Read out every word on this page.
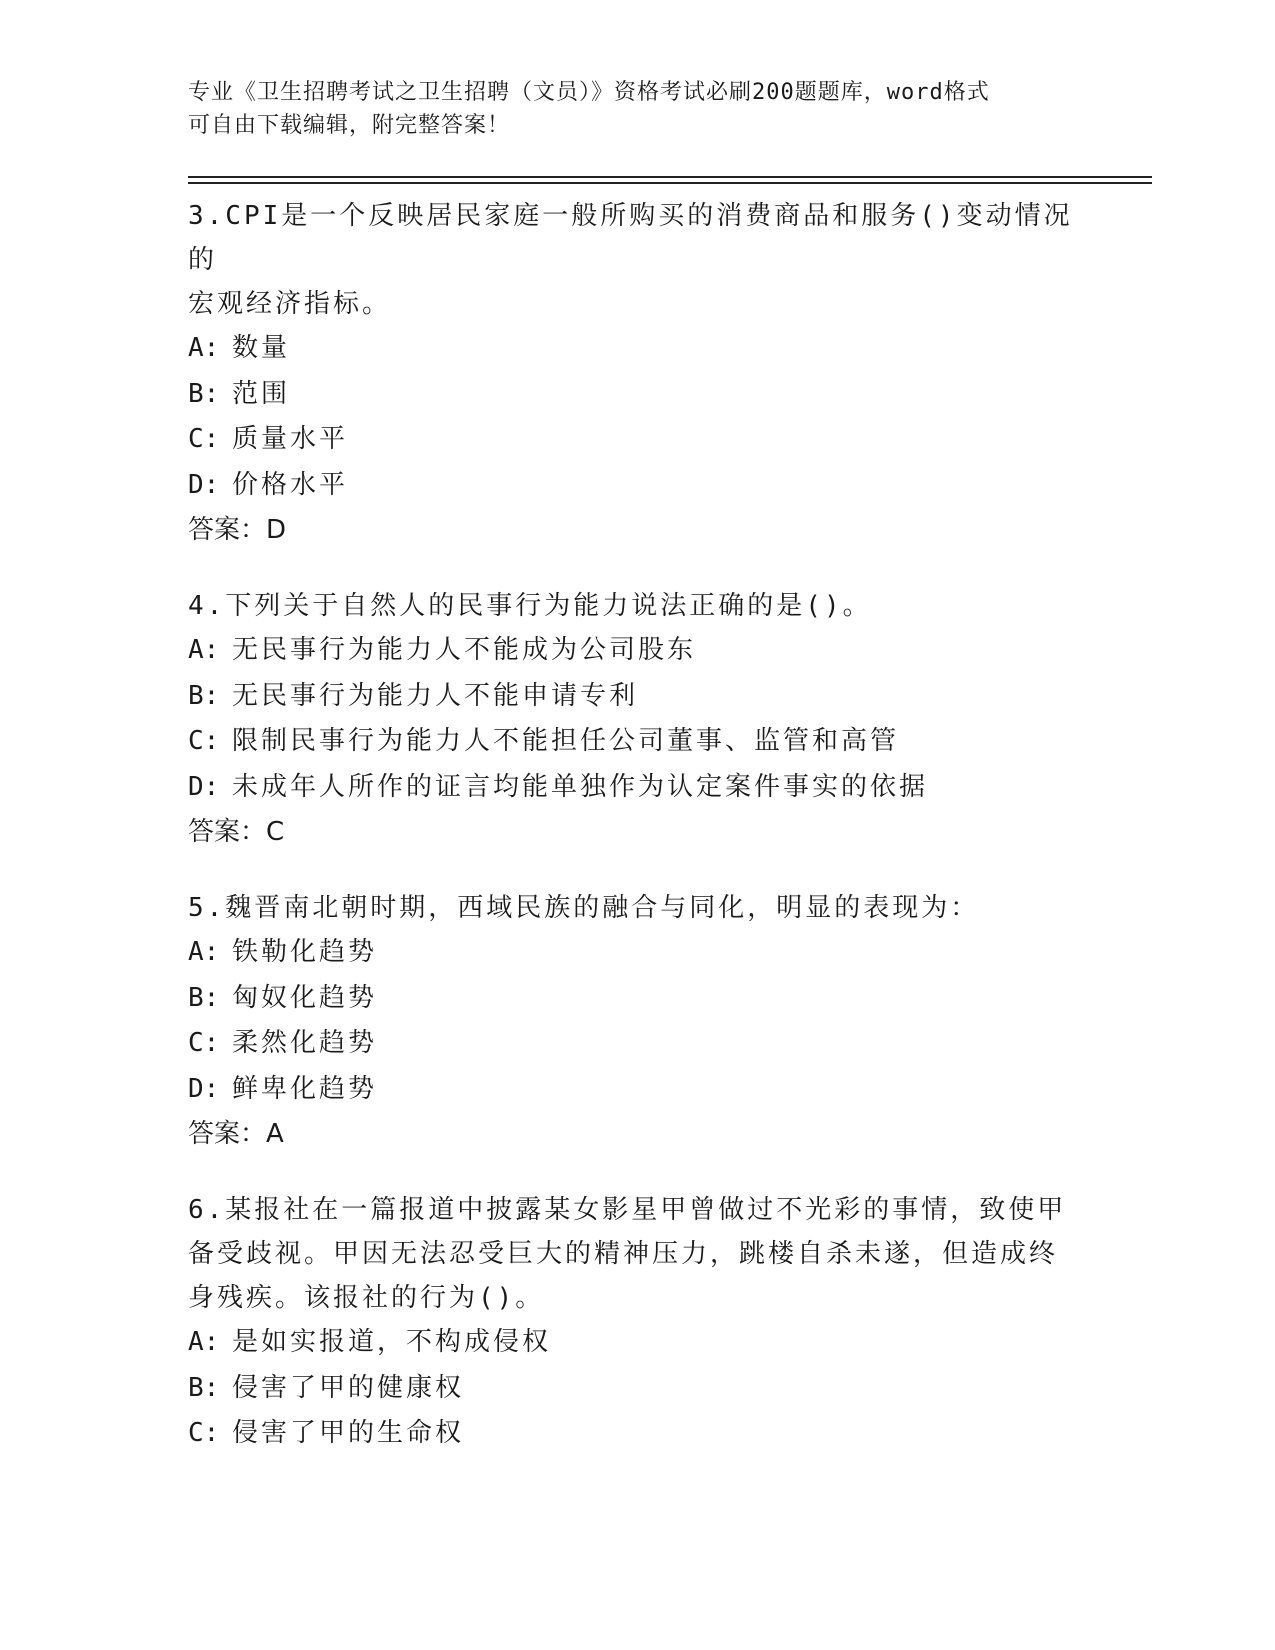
专业《卫生招聘考试之卫生招聘（文员）》资格考试必刷200题题库，word格式
可自由下载编辑，附完整答案！

3.CPI是一个反映居民家庭一般所购买的消费商品和服务()变动情况的

宏观经济指标。

A: 数量

B: 范围

C: 质量水平

D: 价格水平

答案：D

4.下列关于自然人的民事行为能力说法正确的是()。

A: 无民事行为能力人不能成为公司股东

B: 无民事行为能力人不能申请专利

C: 限制民事行为能力人不能担任公司董事、监管和高管

D: 未成年人所作的证言均能单独作为认定案件事实的依据

答案：C

5.魏晋南北朝时期，西域民族的融合与同化，明显的表现为：

A: 铁勒化趋势

B: 匈奴化趋势

C: 柔然化趋势

D: 鲜卑化趋势

答案：A

6.某报社在一篇报道中披露某女影星甲曾做过不光彩的事情，致使甲

备受歧视。甲因无法忍受巨大的精神压力，跳楼自杀未遂，但造成终

身残疾。该报社的行为()。

A: 是如实报道，不构成侵权

B: 侵害了甲的健康权

C: 侵害了甲的生命权
